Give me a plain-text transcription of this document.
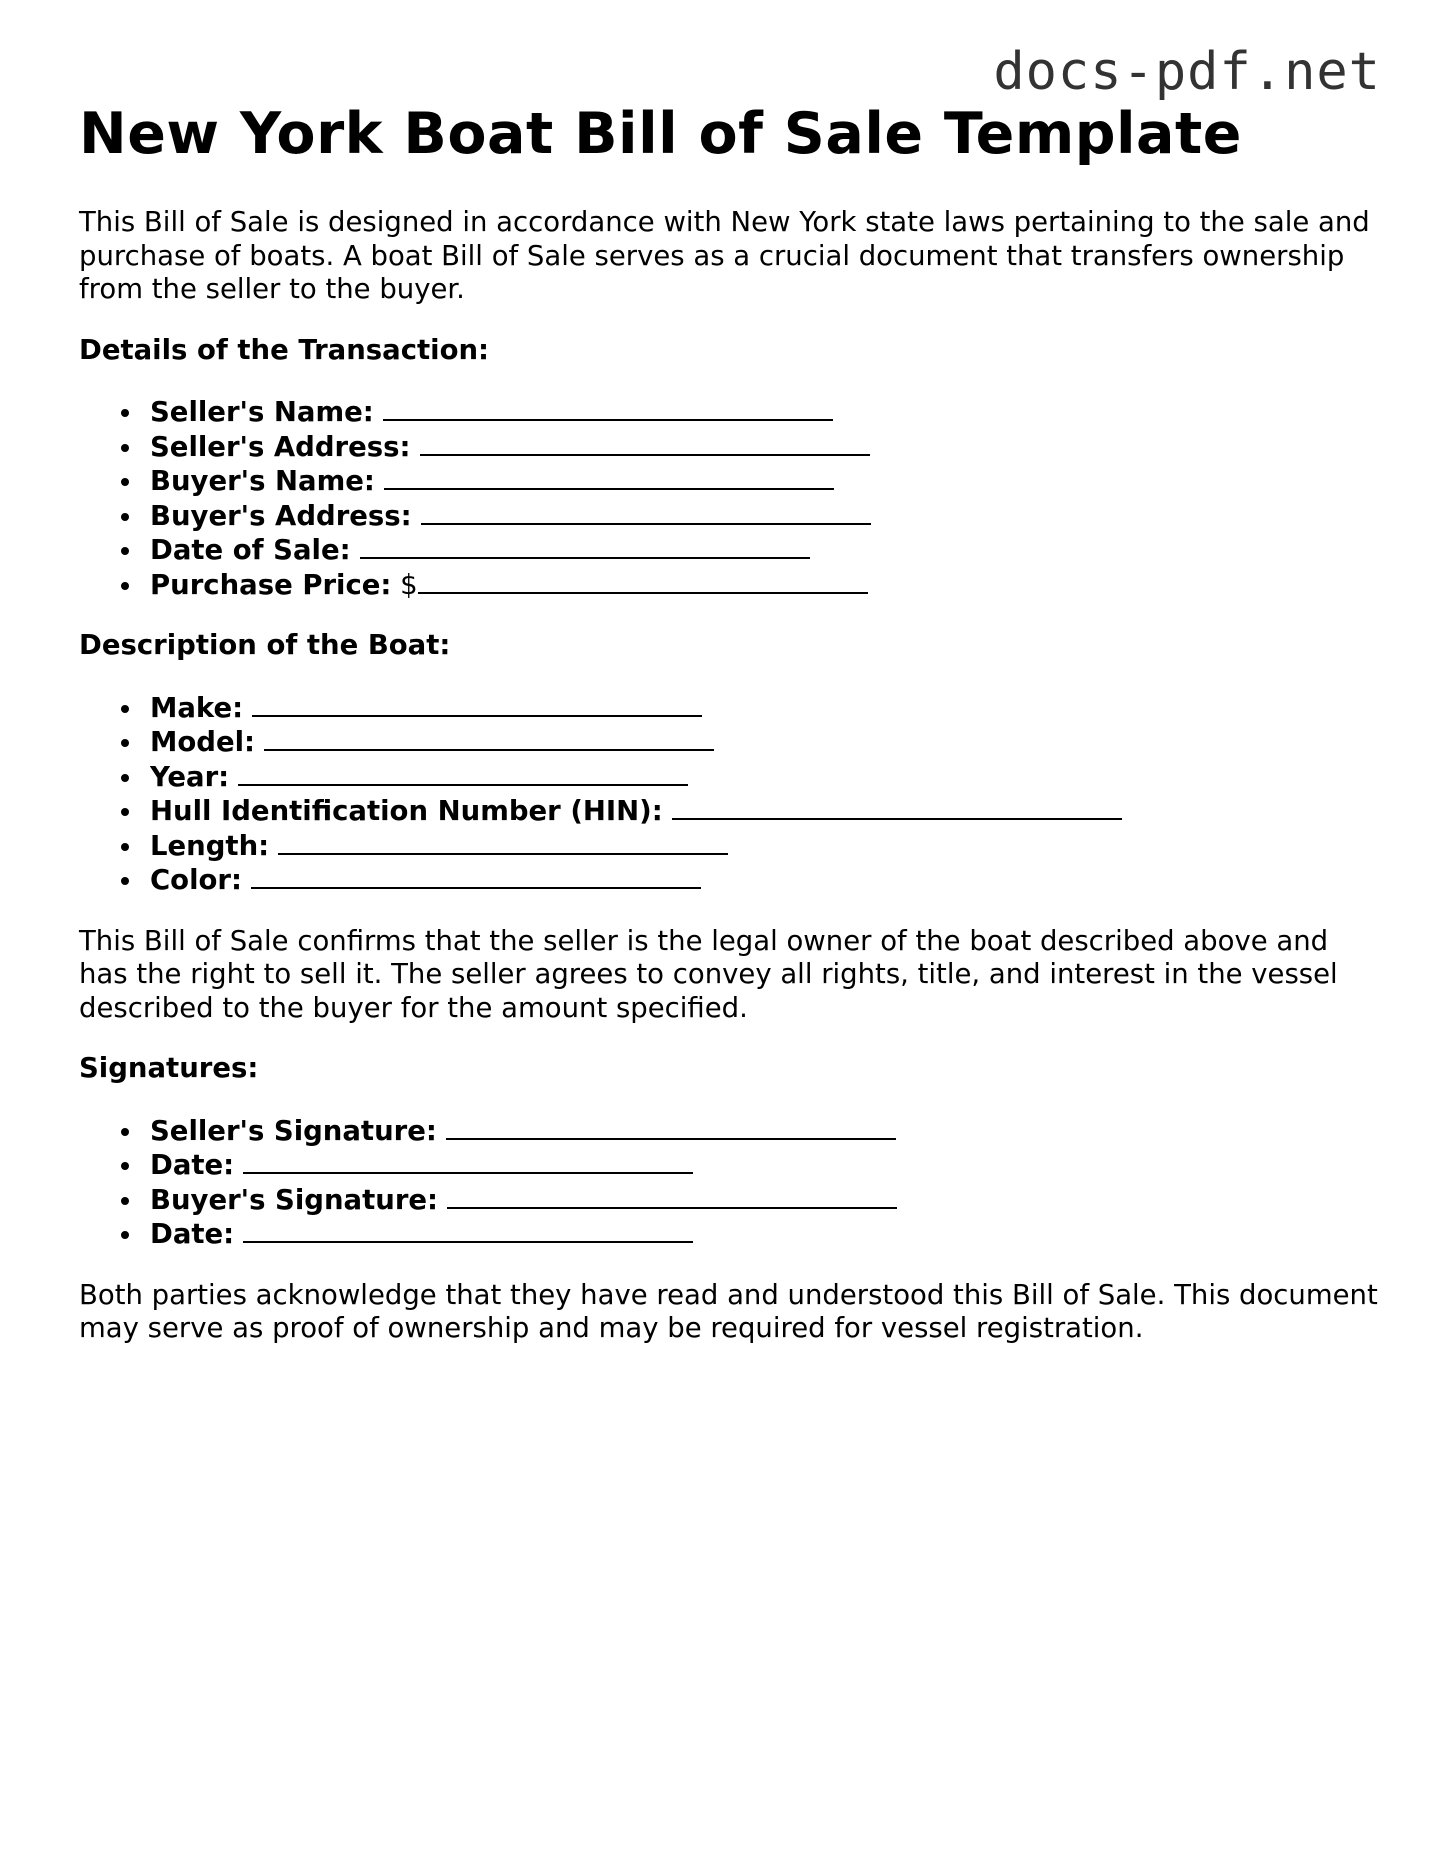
docs-pdf.net
New York Boat Bill of Sale Template

This Bill of Sale is designed in accordance with New York state laws pertaining to the sale and purchase of boats. A boat Bill of Sale serves as a crucial document that transfers ownership from the seller to the buyer.

Details of the Transaction:

Seller's Name:
Seller's Address:
Buyer's Name:
Buyer's Address:
Date of Sale:
Purchase Price: $

Description of the Boat:

Make:
Model:
Year:
Hull Identification Number (HIN):
Length:
Color:

This Bill of Sale confirms that the seller is the legal owner of the boat described above and has the right to sell it. The seller agrees to convey all rights, title, and interest in the vessel described to the buyer for the amount specified.

Signatures:

Seller's Signature:
Date:
Buyer's Signature:
Date:

Both parties acknowledge that they have read and understood this Bill of Sale. This document may serve as proof of ownership and may be required for vessel registration.
